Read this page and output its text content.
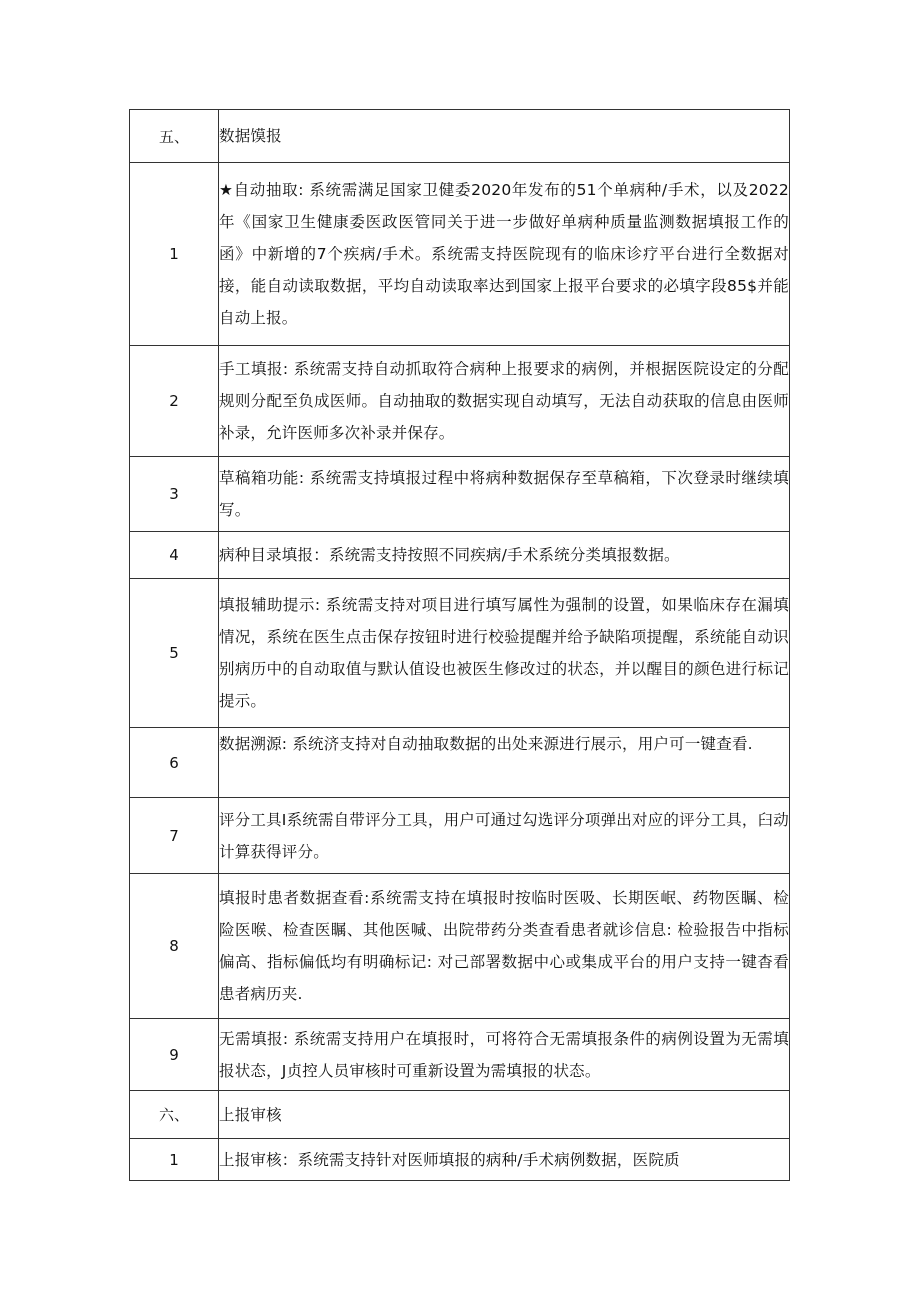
五、	数据馍报
1	★自动抽取: 系统需满足国家卫健委2020年发布的51个单病种/手术，以及2022年《国家卫生健康委医政医管同关于进一步做好单病种质量监测数据填报工作的函》中新增的7个疾病/手术。系统需支持医院现有的临床诊疗平台进行全数据对接，能自动读取数据，平均自动读取率达到国家上报平台要求的必填字段85$并能自动上报。
2	手工填报: 系统需支持自动抓取符合病种上报要求的病例，并根据医院设定的分配规则分配至负成医师。自动抽取的数据实现自动填写，无法自动获取的信息由医师补录，允许医师多次补录并保存。
3	草稿箱功能: 系统需支持填报过程中将病种数据保存至草稿箱，下次登录时继续填写。
4	病种目录填报：系统需支持按照不同疾病/手术系统分类填报数据。
5	填报辅助提示: 系统需支持对项目进行填写属性为强制的设置，如果临床存在漏填情况，系统在医生点击保存按钮时进行校验提醒并给予缺陷项提醒，系统能自动识别病历中的自动取值与默认值设也被医生修改过的状态，并以醒目的颜色进行标记提示。
6	数据溯源: 系统济支持对自动抽取数据的出处来源进行展示，用户可一键查看.
7	评分工具I系统需自带评分工具，用户可通过勾选评分项弹出对应的评分工具，臼动计算获得评分。
8	填报时患者数据查看:系统需支持在填报时按临时医吸、长期医岷、药物医瞩、检险医喉、检查医瞩、其他医喊、出院带药分类查看患者就诊信息: 检验报告中指标偏高、指标偏低均有明确标记: 对己部署数据中心或集成平台的用户支持一键杳看患者病历夹.
9	无需填报: 系统需支持用户在填报时，可将符合无需填报条件的病例设置为无需填报状态，J贞控人员审核时可重新设置为需填报的状态。
六、	上报审核
1	上报审核：系统需支持针对医师填报的病种/手术病例数据，医院质
